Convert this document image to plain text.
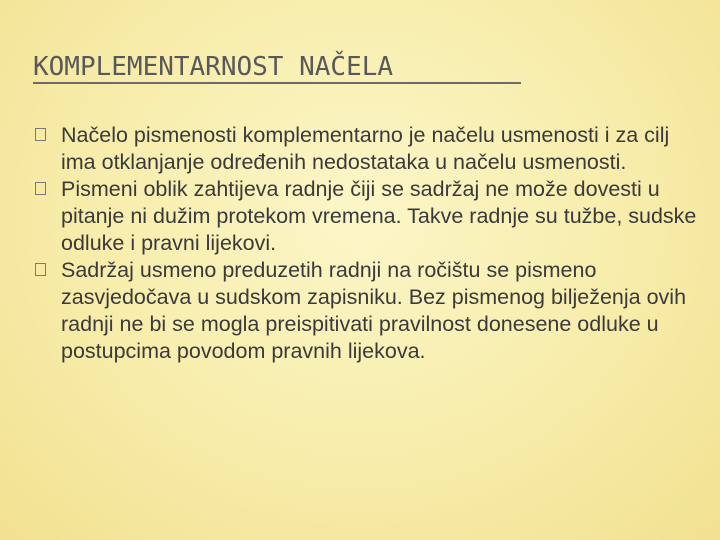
KOMPLEMENTARNOST NAČELA
Načelo pismenosti komplementarno je načelu usmenosti i za cilj ima otklanjanje određenih nedostataka u načelu usmenosti.
Pismeni oblik zahtijeva radnje čiji se sadržaj ne može dovesti u pitanje ni dužim protekom vremena. Takve radnje su tužbe, sudske odluke i pravni lijekovi.
Sadržaj usmeno preduzetih radnji na ročištu se pismeno zasvjedočava u sudskom zapisniku. Bez pismenog bilježenja ovih radnji ne bi se mogla preispitivati pravilnost donesene odluke u postupcima povodom pravnih lijekova.
